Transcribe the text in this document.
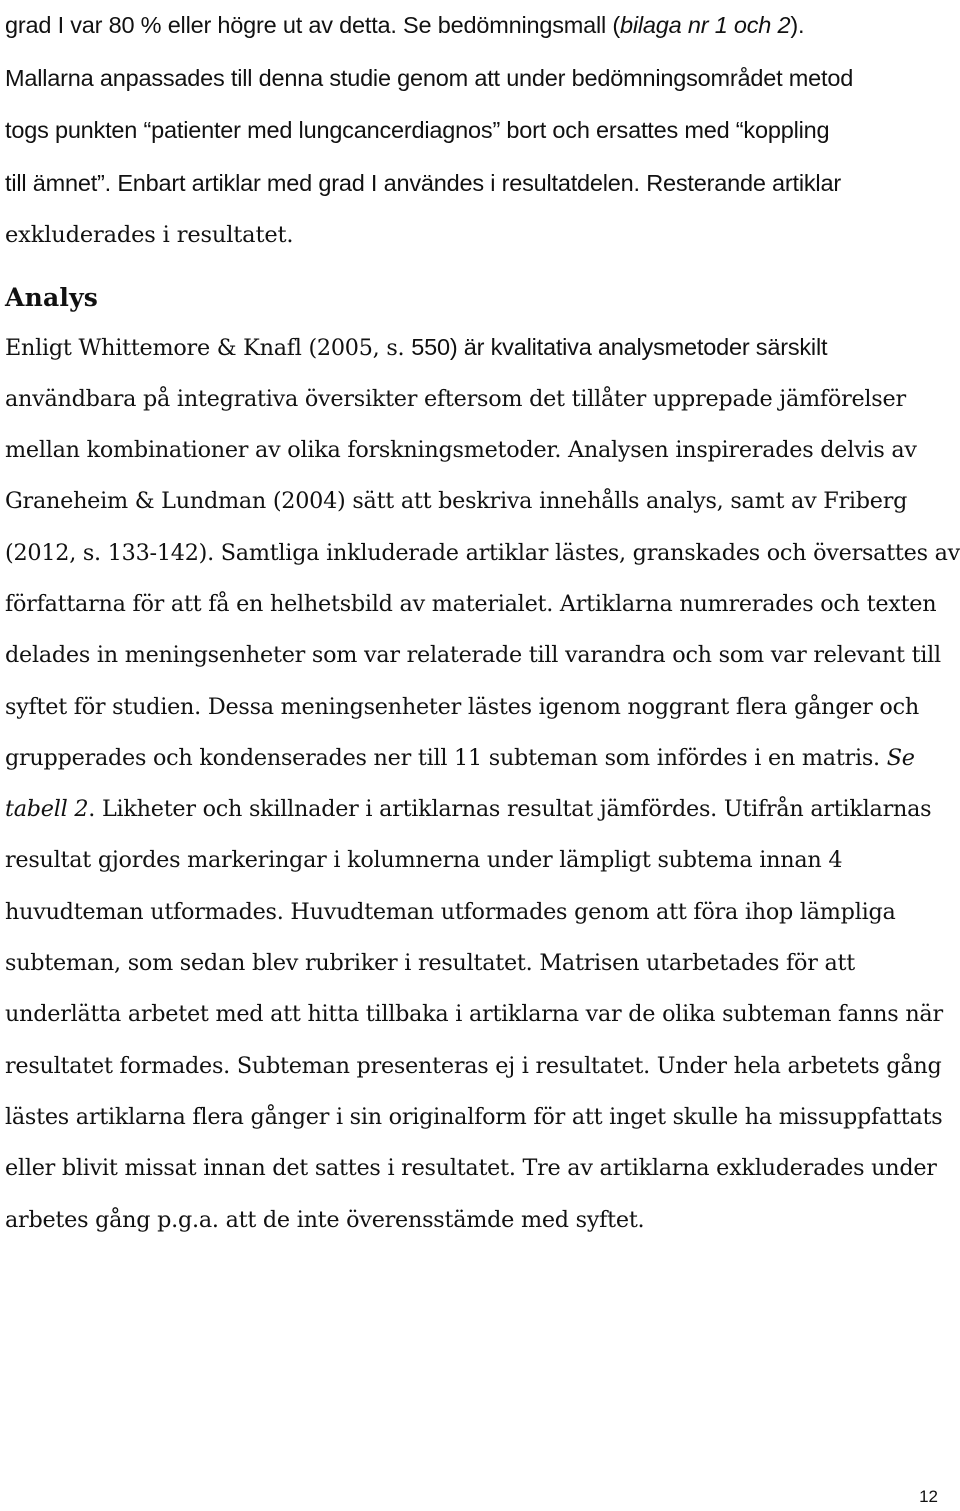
grad I var 80 % eller högre ut av detta. Se bedömningsmall (bilaga nr 1 och 2).
Mallarna anpassades till denna studie genom att under bedömningsområdet metod
togs punkten “patienter med lungcancerdiagnos” bort och ersattes med “koppling
till ämnet”. Enbart artiklar med grad I användes i resultatdelen. Resterande artiklar
exkluderades i resultatet.

Analys

Enligt Whittemore & Knafl (2005, s. 550) är kvalitativa analysmetoder särskilt
användbara på integrativa översikter eftersom det tillåter upprepade jämförelser
mellan kombinationer av olika forskningsmetoder. Analysen inspirerades delvis av
Graneheim & Lundman (2004) sätt att beskriva innehålls analys, samt av Friberg
(2012, s. 133-142). Samtliga inkluderade artiklar lästes, granskades och översattes av
författarna för att få en helhetsbild av materialet. Artiklarna numrerades och texten
delades in meningsenheter som var relaterade till varandra och som var relevant till
syftet för studien. Dessa meningsenheter lästes igenom noggrant flera gånger och
grupperades och kondenserades ner till 11 subteman som infördes i en matris. Se
tabell 2. Likheter och skillnader i artiklarnas resultat jämfördes. Utifrån artiklarnas
resultat gjordes markeringar i kolumnerna under lämpligt subtema innan 4
huvudteman utformades. Huvudteman utformades genom att föra ihop lämpliga
subteman, som sedan blev rubriker i resultatet. Matrisen utarbetades för att
underlätta arbetet med att hitta tillbaka i artiklarna var de olika subteman fanns när
resultatet formades. Subteman presenteras ej i resultatet. Under hela arbetets gång
lästes artiklarna flera gånger i sin originalform för att inget skulle ha missuppfattats
eller blivit missat innan det sattes i resultatet. Tre av artiklarna exkluderades under
arbetes gång p.g.a. att de inte överensstämde med syftet.

12
